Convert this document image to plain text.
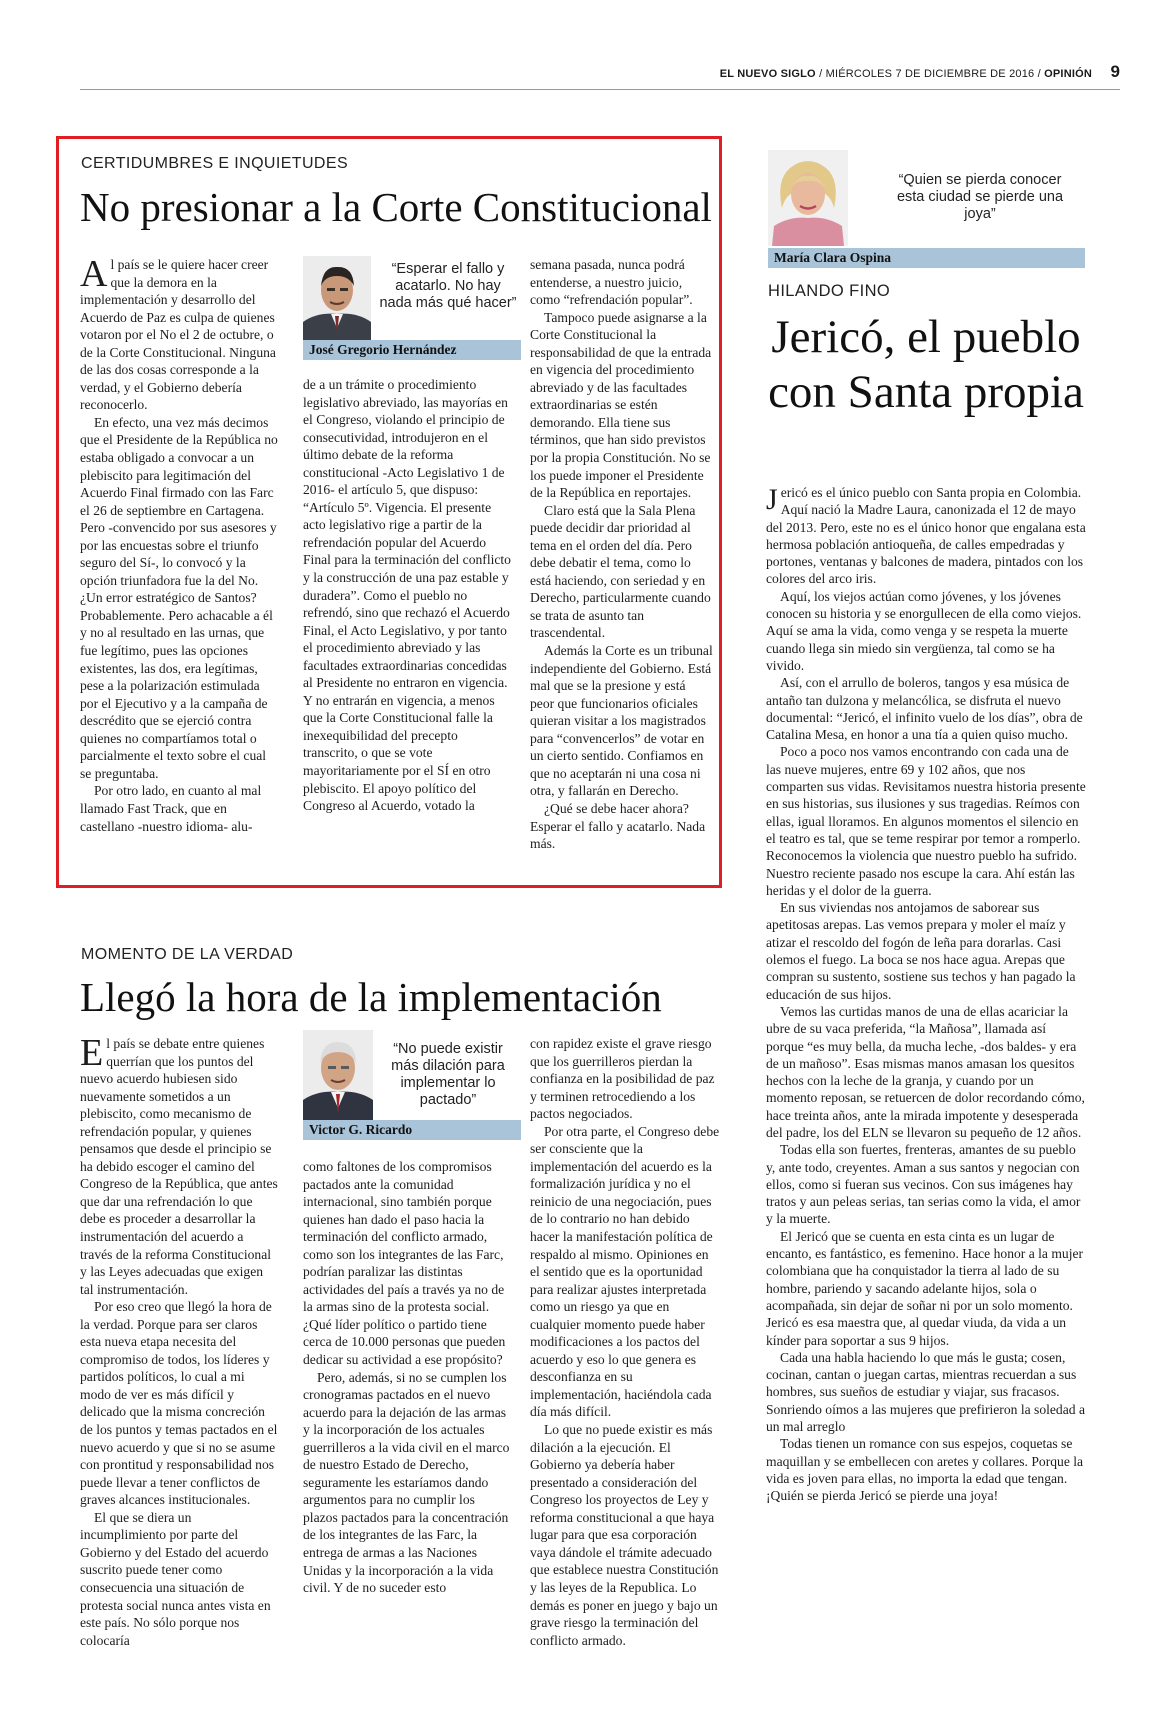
EL NUEVO SIGLO / MIÉRCOLES 7 DE DICIEMBRE DE 2016 / OPINIÓN 9
CERTIDUMBRES E INQUIETUDES
No presionar a la Corte Constitucional

Al país se le quiere hacer creer que la demora en la implementación y desarrollo del Acuerdo de Paz es culpa de quienes votaron por el No el 2 de octubre, o de la Corte Constitucional. Ninguna de las dos cosas corresponde a la verdad, y el Gobierno debería reconocerlo.

En efecto, una vez más decimos que el Presidente de la República no estaba obligado a convocar a un plebiscito para legitimación del Acuerdo Final firmado con las Farc el 26 de septiembre en Cartagena. Pero -convencido por sus asesores y por las encuestas sobre el triunfo seguro del Sí-, lo convocó y la opción triunfadora fue la del No. ¿Un error estratégico de Santos? Probablemente. Pero achacable a él y no al resultado en las urnas, que fue legítimo, pues las opciones existentes, las dos, era legítimas, pese a la polarización estimulada por el Ejecutivo y a la campaña de descrédito que se ejerció contra quienes no compartíamos total o parcialmente el texto sobre el cual se preguntaba.

Por otro lado, en cuanto al mal llamado Fast Track, que en castellano -nuestro idioma- alu-

“Esperar el fallo y acatarlo. No hay nada más qué hacer”
José Gregorio Hernández

de a un trámite o procedimiento legislativo abreviado, las mayorías en el Congreso, violando el principio de consecutividad, introdujeron en el último debate de la reforma constitucional -Acto Legislativo 1 de 2016- el artículo 5, que dispuso: “Artículo 5º. Vigencia. El presente acto legislativo rige a partir de la refrendación popular del Acuerdo Final para la terminación del conflicto y la construcción de una paz estable y duradera”. Como el pueblo no refrendó, sino que rechazó el Acuerdo Final, el Acto Legislativo, y por tanto el procedimiento abreviado y las facultades extraordinarias concedidas al Presidente no entraron en vigencia. Y no entrarán en vigencia, a menos que la Corte Constitucional falle la inexequibilidad del precepto transcrito, o que se vote mayoritariamente por el SÍ en otro plebiscito. El apoyo político del Congreso al Acuerdo, votado la

semana pasada, nunca podrá entenderse, a nuestro juicio, como “refrendación popular”.

Tampoco puede asignarse a la Corte Constitucional la responsabilidad de que la entrada en vigencia del procedimiento abreviado y de las facultades extraordinarias se estén demorando. Ella tiene sus términos, que han sido previstos por la propia Constitución. No se los puede imponer el Presidente de la República en reportajes.

Claro está que la Sala Plena puede decidir dar prioridad al tema en el orden del día. Pero debe debatir el tema, como lo está haciendo, con seriedad y en Derecho, particularmente cuando se trata de asunto tan trascendental.

Además la Corte es un tribunal independiente del Gobierno. Está mal que se la presione y está peor que funcionarios oficiales quieran visitar a los magistrados para “convencerlos” de votar en un cierto sentido. Confiamos en que no aceptarán ni una cosa ni otra, y fallarán en Derecho.

¿Qué se debe hacer ahora? Esperar el fallo y acatarlo. Nada más.

MOMENTO DE LA VERDAD
Llegó la hora de la implementación

El país se debate entre quienes querrían que los puntos del nuevo acuerdo hubiesen sido nuevamente sometidos a un plebiscito, como mecanismo de refrendación popular, y quienes pensamos que desde el principio se ha debido escoger el camino del Congreso de la República, que antes que dar una refrendación lo que debe es proceder a desarrollar la instrumentación del acuerdo a través de la reforma Constitucional y las Leyes adecuadas que exigen tal instrumentación.

Por eso creo que llegó la hora de la verdad. Porque para ser claros esta nueva etapa necesita del compromiso de todos, los líderes y partidos políticos, lo cual a mi modo de ver es más difícil y delicado que la misma concreción de los puntos y temas pactados en el nuevo acuerdo y que si no se asume con prontitud y responsabilidad nos puede llevar a tener conflictos de graves alcances institucionales.

El que se diera un incumplimiento por parte del Gobierno y del Estado del acuerdo suscrito puede tener como consecuencia una situación de protesta social nunca antes vista en este país. No sólo porque nos colocaría

“No puede existir más dilación para implementar lo pactado”
Victor G. Ricardo

como faltones de los compromisos pactados ante la comunidad internacional, sino también porque quienes han dado el paso hacia la terminación del conflicto armado, como son los integrantes de las Farc, podrían paralizar las distintas actividades del país a través ya no de la armas sino de la protesta social. ¿Qué líder político o partido tiene cerca de 10.000 personas que pueden dedicar su actividad a ese propósito?

Pero, además, si no se cumplen los cronogramas pactados en el nuevo acuerdo para la dejación de las armas y la incorporación de los actuales guerrilleros a la vida civil en el marco de nuestro Estado de Derecho, seguramente les estaríamos dando argumentos para no cumplir los plazos pactados para la concentración de los integrantes de las Farc, la entrega de armas a las Naciones Unidas y la incorporación a la vida civil. Y de no suceder esto

con rapidez existe el grave riesgo que los guerrilleros pierdan la confianza en la posibilidad de paz y terminen retrocediendo a los pactos negociados.

Por otra parte, el Congreso debe ser consciente que la implementación del acuerdo es la formalización jurídica y no el reinicio de una negociación, pues de lo contrario no han debido hacer la manifestación política de respaldo al mismo. Opiniones en el sentido que es la oportunidad para realizar ajustes interpretada como un riesgo ya que en cualquier momento puede haber modificaciones a los pactos del acuerdo y eso lo que genera es desconfianza en su implementación, haciéndola cada día más difícil.

Lo que no puede existir es más dilación a la ejecución. El Gobierno ya debería haber presentado a consideración del Congreso los proyectos de Ley y reforma constitucional a que haya lugar para que esa corporación vaya dándole el trámite adecuado que establece nuestra Constitución y las leyes de la Republica. Lo demás es poner en juego y bajo un grave riesgo la terminación del conflicto armado.

“Quien se pierda conocer esta ciudad se pierde una joya”
María Clara Ospina
HILANDO FINO
Jericó, el pueblo con Santa propia

Jericó es el único pueblo con Santa propia en Colombia. Aquí nació la Madre Laura, canonizada el 12 de mayo del 2013. Pero, este no es el único honor que engalana esta hermosa población antioqueña, de calles empedradas y portones, ventanas y balcones de madera, pintados con los colores del arco iris.

Aquí, los viejos actúan como jóvenes, y los jóvenes conocen su historia y se enorgullecen de ella como viejos. Aquí se ama la vida, como venga y se respeta la muerte cuando llega sin miedo sin vergüenza, tal como se ha vivido.

Así, con el arrullo de boleros, tangos y esa música de antaño tan dulzona y melancólica, se disfruta el nuevo documental: “Jericó, el infinito vuelo de los días”, obra de Catalina Mesa, en honor a una tía a quien quiso mucho.

Poco a poco nos vamos encontrando con cada una de las nueve mujeres, entre 69 y 102 años, que nos comparten sus vidas. Revisitamos nuestra historia presente en sus historias, sus ilusiones y sus tragedias. Reímos con ellas, igual lloramos. En algunos momentos el silencio en el teatro es tal, que se teme respirar por temor a romperlo. Reconocemos la violencia que nuestro pueblo ha sufrido. Nuestro reciente pasado nos escupe la cara. Ahí están las heridas y el dolor de la guerra.

En sus viviendas nos antojamos de saborear sus apetitosas arepas. Las vemos prepara y moler el maíz y atizar el rescoldo del fogón de leña para dorarlas. Casi olemos el fuego. La boca se nos hace agua. Arepas que compran su sustento, sostiene sus techos y han pagado la educación de sus hijos.

Vemos las curtidas manos de una de ellas acariciar la ubre de su vaca preferida, “la Mañosa”, llamada así porque “es muy bella, da mucha leche, -dos baldes- y era de un mañoso”. Esas mismas manos amasan los quesitos hechos con la leche de la granja, y cuando por un momento reposan, se retuercen de dolor recordando cómo, hace treinta años, ante la mirada impotente y desesperada del padre, los del ELN se llevaron su pequeño de 12 años.

Todas ella son fuertes, frenteras, amantes de su pueblo y, ante todo, creyentes. Aman a sus santos y negocian con ellos, como si fueran sus vecinos. Con sus imágenes hay tratos y aun peleas serias, tan serias como la vida, el amor y la muerte.

El Jericó que se cuenta en esta cinta es un lugar de encanto, es fantástico, es femenino. Hace honor a la mujer colombiana que ha conquistador la tierra al lado de su hombre, pariendo y sacando adelante hijos, sola o acompañada, sin dejar de soñar ni por un solo momento. Jericó es esa maestra que, al quedar viuda, da vida a un kínder para soportar a sus 9 hijos.

Cada una habla haciendo lo que más le gusta; cosen, cocinan, cantan o juegan cartas, mientras recuerdan a sus hombres, sus sueños de estudiar y viajar, sus fracasos. Sonriendo oímos a las mujeres que prefirieron la soledad a un mal arreglo

Todas tienen un romance con sus espejos, coquetas se maquillan y se embellecen con aretes y collares. Porque la vida es joven para ellas, no importa la edad que tengan. ¡Quién se pierda Jericó se pierde una joya!
